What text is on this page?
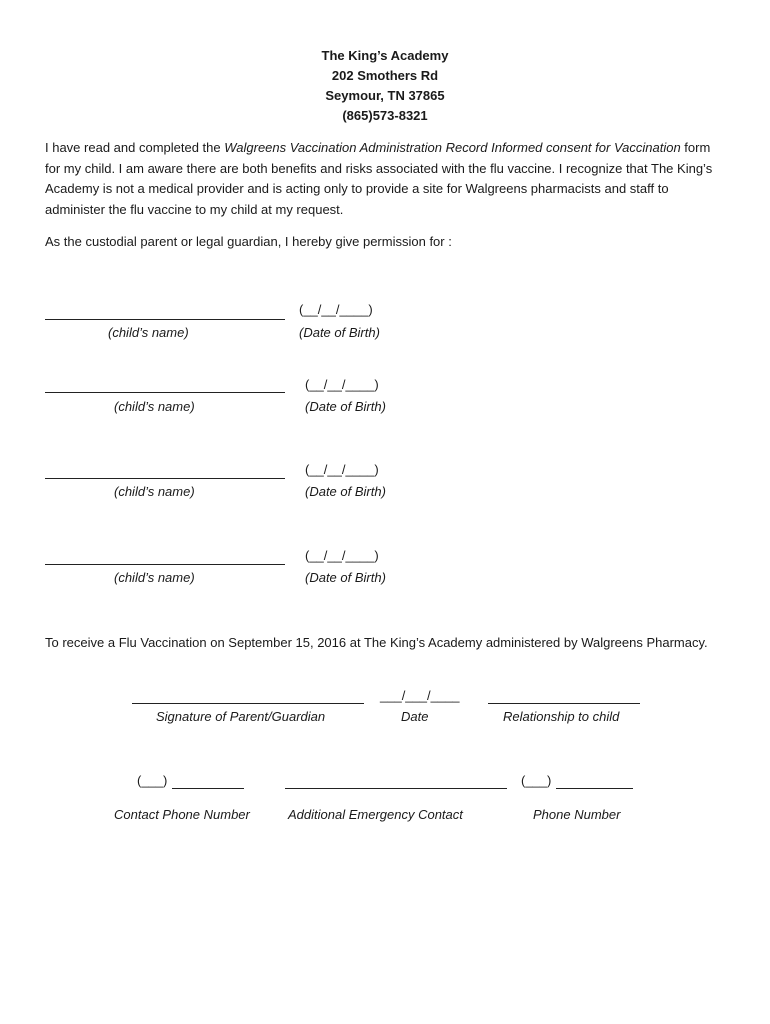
The King’s Academy
202 Smothers Rd
Seymour, TN 37865
(865)573-8321
I have read and completed the Walgreens Vaccination Administration Record Informed consent for Vaccination form for my child. I am aware there are both benefits and risks associated with the flu vaccine. I recognize that The King’s Academy is not a medical provider and is acting only to provide a site for Walgreens pharmacists and staff to administer the flu vaccine to my child at my request.
As the custodial parent or legal guardian, I hereby give permission for :
(__/__/____)
(child’s name)	(Date of Birth)
(__/__/____)
(child’s name)	(Date of Birth)
(__/__/____)
(child’s name)	(Date of Birth)
(__/__/____)
(child’s name)	(Date of Birth)
To receive a Flu Vaccination on September 15, 2016 at The King’s Academy administered by Walgreens Pharmacy.
___/___/____
Signature of Parent/Guardian	Date	Relationship to child
(___)	(___)
Contact Phone Number	Additional Emergency Contact	Phone Number
